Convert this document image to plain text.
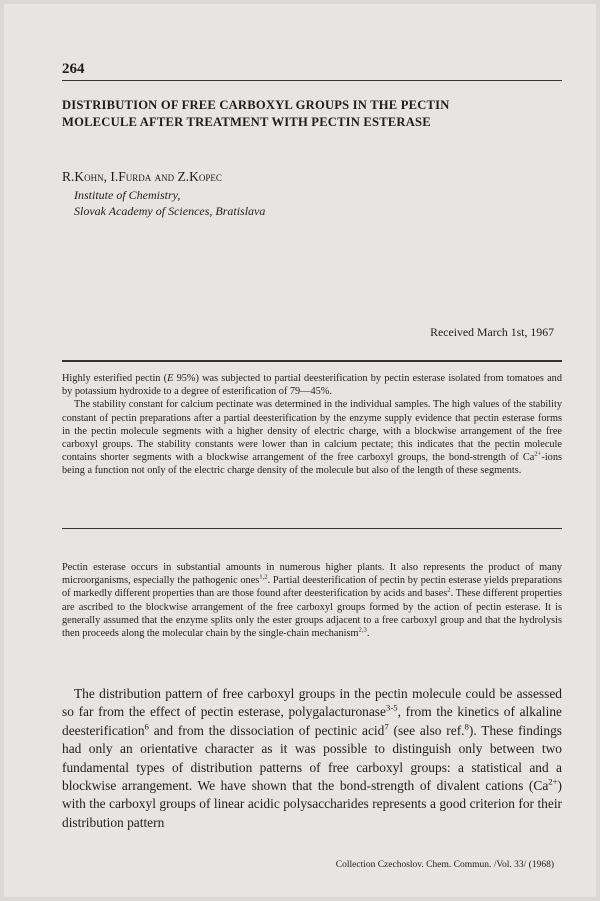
264
DISTRIBUTION OF FREE CARBOXYL GROUPS IN THE PECTIN MOLECULE AFTER TREATMENT WITH PECTIN ESTERASE
R.Kohn, I.Furda and Z.Kopec
Institute of Chemistry,
Slovak Academy of Sciences, Bratislava
Received March 1st, 1967

Highly esterified pectin (E 95%) was subjected to partial deesterification by pectin esterase isolated from tomatoes and by potassium hydroxide to a degree of esterification of 79—45%.

The stability constant for calcium pectinate was determined in the individual samples. The high values of the stability constant of pectin preparations after a partial deesterification by the enzyme supply evidence that pectin esterase forms in the pectin molecule segments with a higher density of electric charge, with a blockwise arrangement of the free carboxyl groups. The stability constants were lower than in calcium pectate; this indicates that the pectin molecule contains shorter segments with a blockwise arrangement of the free carboxyl groups, the bond-strength of $Ca^{2+}$-ions being a function not only of the electric charge density of the molecule but also of the length of these segments.

Pectin esterase occurs in substantial amounts in numerous higher plants. It also represents the product of many microorganisms, especially the pathogenic ones$^{1,2}$. Partial deesterification of pectin by pectin esterase yields preparations of markedly different properties than are those found after deesterification by acids and bases$^2$. These different properties are ascribed to the blockwise arrangement of the free carboxyl groups formed by the action of pectin esterase. It is generally assumed that the enzyme splits only the ester groups adjacent to a free carboxyl group and that the hydrolysis then proceeds along the molecular chain by the single-chain mechanism$^{2,3}$.

The distribution pattern of free carboxyl groups in the pectin molecule could be assessed so far from the effect of pectin esterase, polygalacturonase$^{3-5}$, from the kinetics of alkaline deesterification$^6$ and from the dissociation of pectinic acid$^7$ (see also ref.$^8$). These findings had only an orientative character as it was possible to distinguish only between two fundamental types of distribution patterns of free carboxyl groups: a statistical and a blockwise arrangement. We have shown that the bond-strength of divalent cations $(Ca^{2+})$ with the carboxyl groups of linear acidic polysaccharides represents a good criterion for their distribution pattern

Collection Czechoslov. Chem. Commun. /Vol. 33/ (1968)
